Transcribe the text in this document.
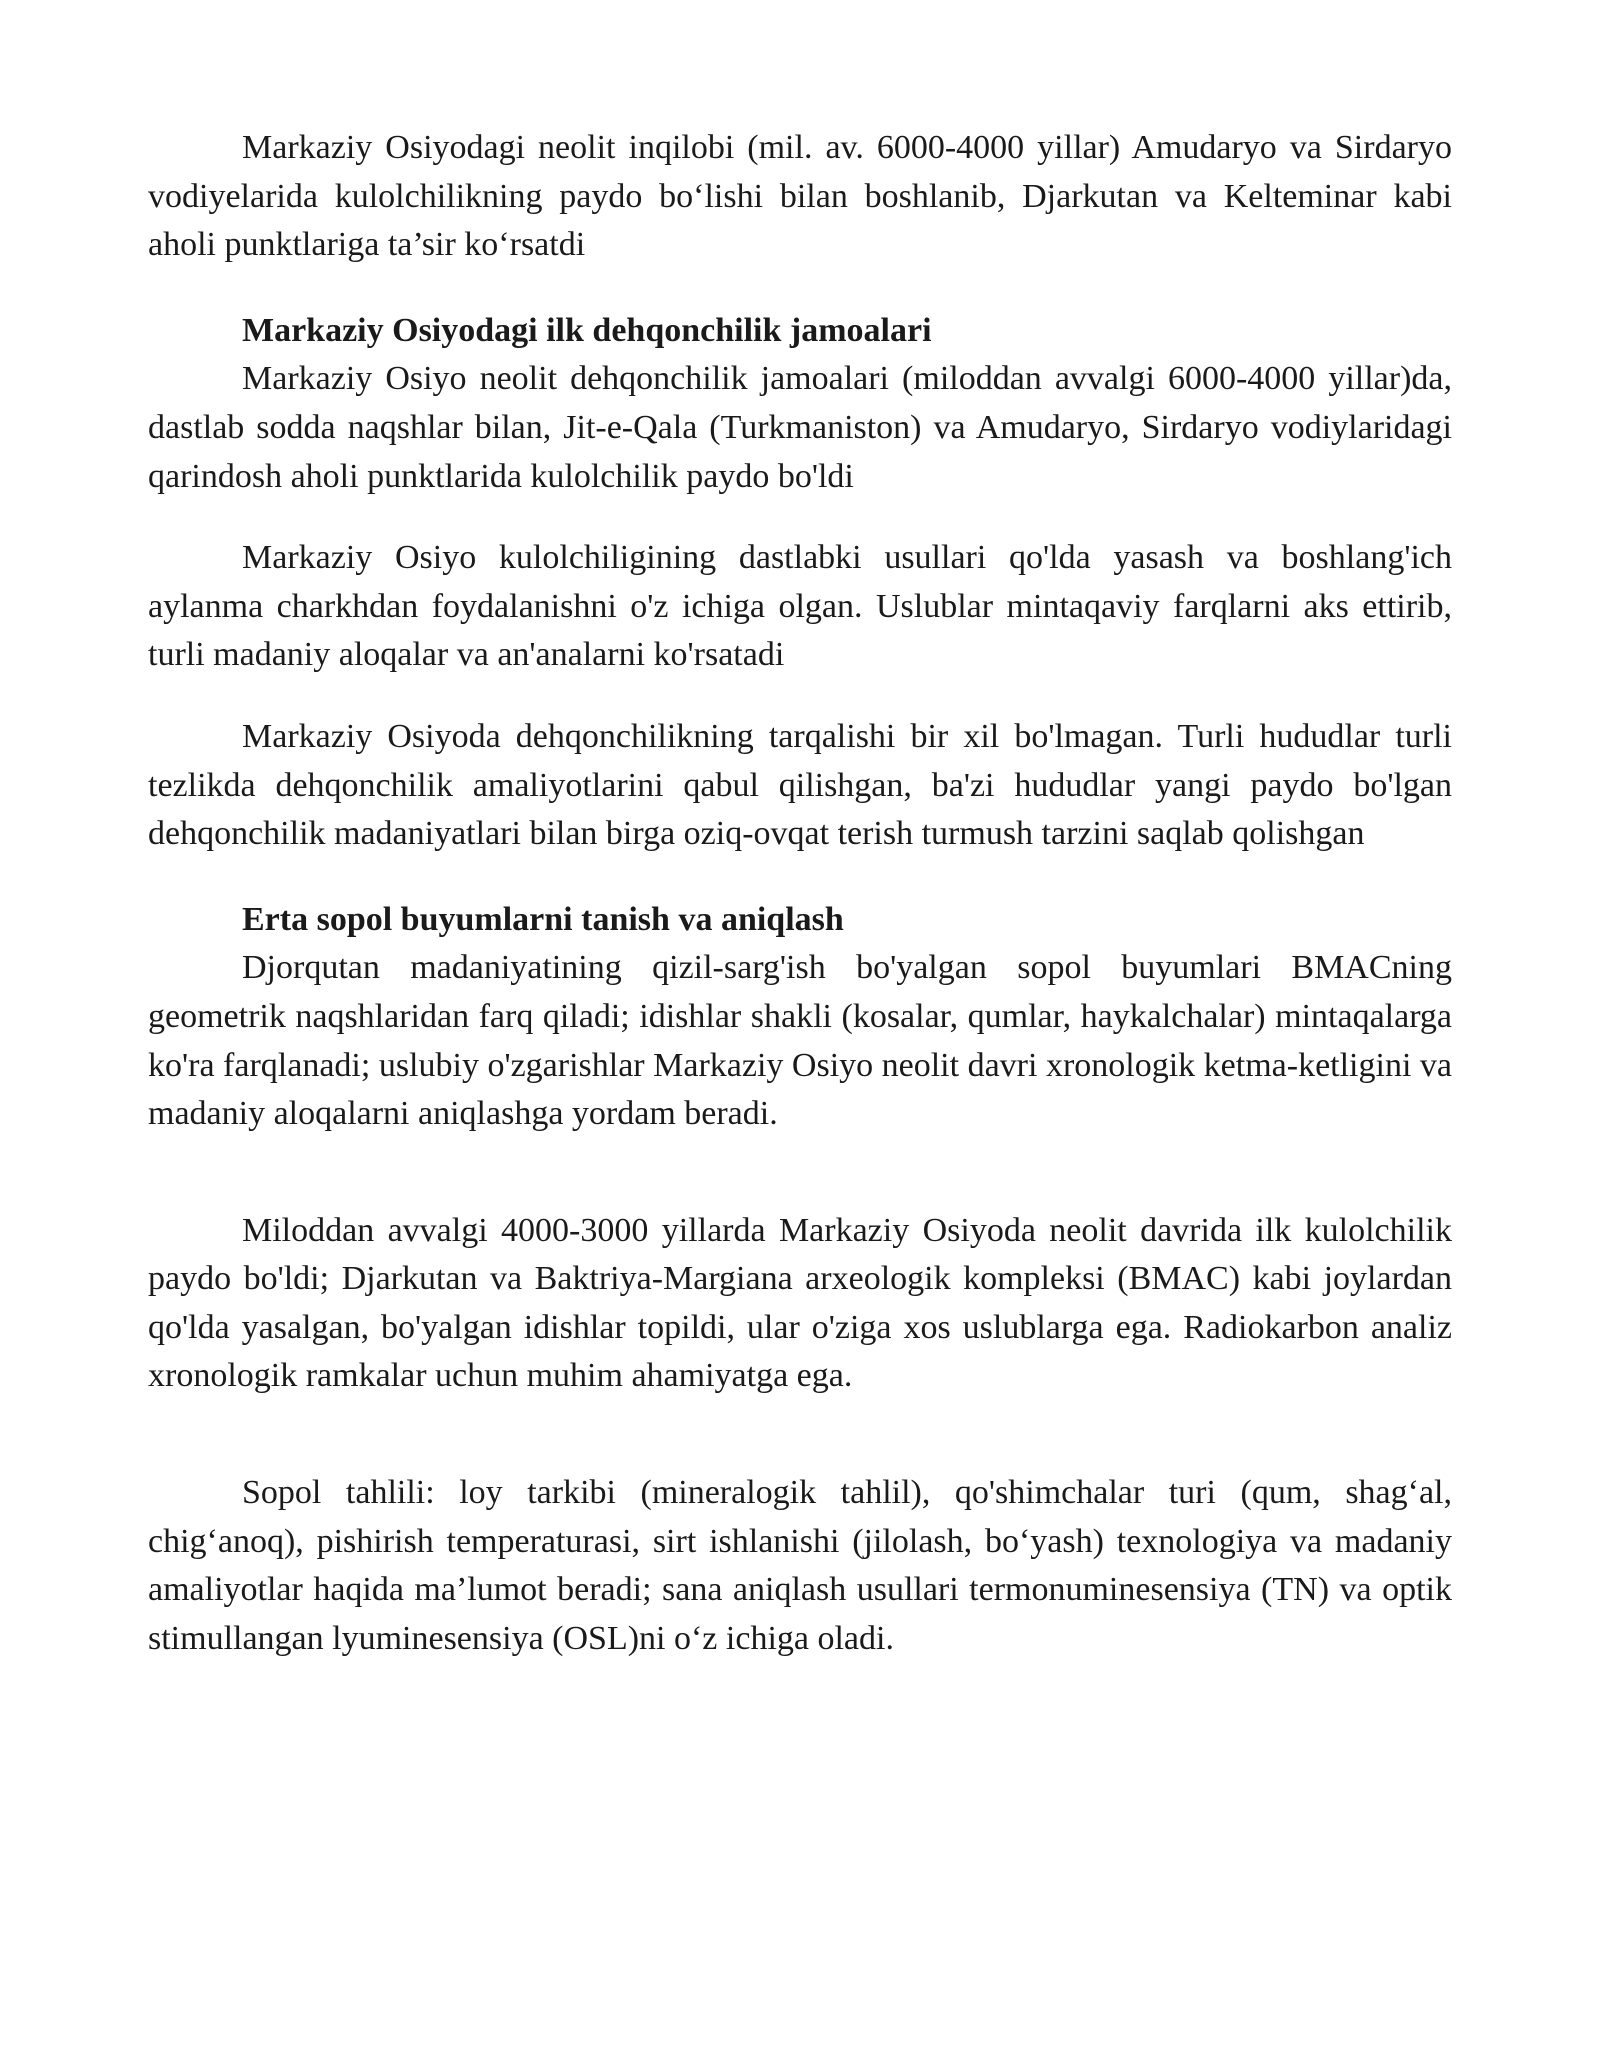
Markaziy Osiyodagi neolit inqilobi (mil. av. 6000-4000 yillar) Amudaryo va Sirdaryo vodiyelarida kulolchilikning paydo bo‘lishi bilan boshlanib, Djarkutan va Kelteminar kabi aholi punktlariga ta’sir ko‘rsatdi

Markaziy Osiyodagi ilk dehqonchilik jamoalari

Markaziy Osiyo neolit dehqonchilik jamoalari (miloddan avvalgi 6000-4000 yillar)da, dastlab sodda naqshlar bilan, Jit-e-Qala (Turkmaniston) va Amudaryo, Sirdaryo vodiylaridagi qarindosh aholi punktlarida kulolchilik paydo bo'ldi

Markaziy Osiyo kulolchiligining dastlabki usullari qo'lda yasash va boshlang'ich aylanma charkhdan foydalanishni o'z ichiga olgan. Uslublar mintaqaviy farqlarni aks ettirib, turli madaniy aloqalar va an'analarni ko'rsatadi

Markaziy Osiyoda dehqonchilikning tarqalishi bir xil bo'lmagan. Turli hududlar turli tezlikda dehqonchilik amaliyotlarini qabul qilishgan, ba'zi hududlar yangi paydo bo'lgan dehqonchilik madaniyatlari bilan birga oziq-ovqat terish turmush tarzini saqlab qolishgan

Erta sopol buyumlarni tanish va aniqlash

Djorqutan madaniyatining qizil-sarg'ish bo'yalgan sopol buyumlari BMACning geometrik naqshlaridan farq qiladi; idishlar shakli (kosalar, qumlar, haykalchalar) mintaqalarga ko'ra farqlanadi; uslubiy o'zgarishlar Markaziy Osiyo neolit davri xronologik ketma-ketligini va madaniy aloqalarni aniqlashga yordam beradi.

Miloddan avvalgi 4000-3000 yillarda Markaziy Osiyoda neolit davrida ilk kulolchilik paydo bo'ldi; Djarkutan va Baktriya-Margiana arxeologik kompleksi (BMAC) kabi joylardan qo'lda yasalgan, bo'yalgan idishlar topildi, ular o'ziga xos uslublarga ega. Radiokarbon analiz xronologik ramkalar uchun muhim ahamiyatga ega.

Sopol tahlili: loy tarkibi (mineralogik tahlil), qo'shimchalar turi (qum, shag‘al, chig‘anoq), pishirish temperaturasi, sirt ishlanishi (jilolash, bo‘yash) texnologiya va madaniy amaliyotlar haqida ma’lumot beradi; sana aniqlash usullari termonuminesensiya (TN) va optik stimullangan lyuminesensiya (OSL)ni o‘z ichiga oladi.
